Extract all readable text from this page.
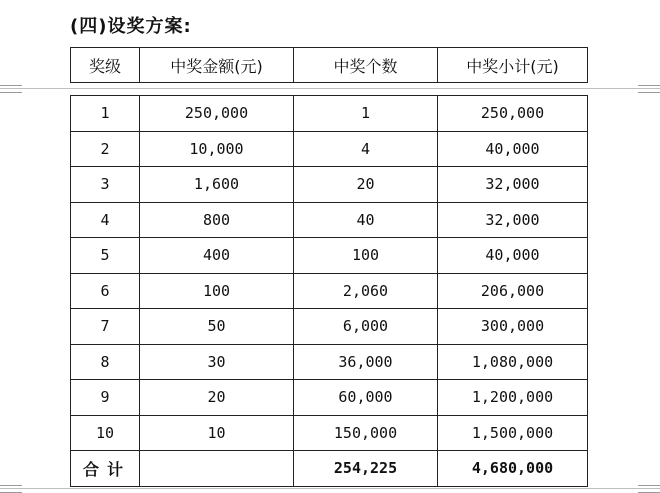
(四)设奖方案:
奖级	中奖金额(元)	中奖个数	中奖小计(元)
1	250,000	1	250,000
2	10,000	4	40,000
3	1,600	20	32,000
4	800	40	32,000
5	400	100	40,000
6	100	2,060	206,000
7	50	6,000	300,000
8	30	36,000	1,080,000
9	20	60,000	1,200,000
10	10	150,000	1,500,000
合计		254,225	4,680,000
